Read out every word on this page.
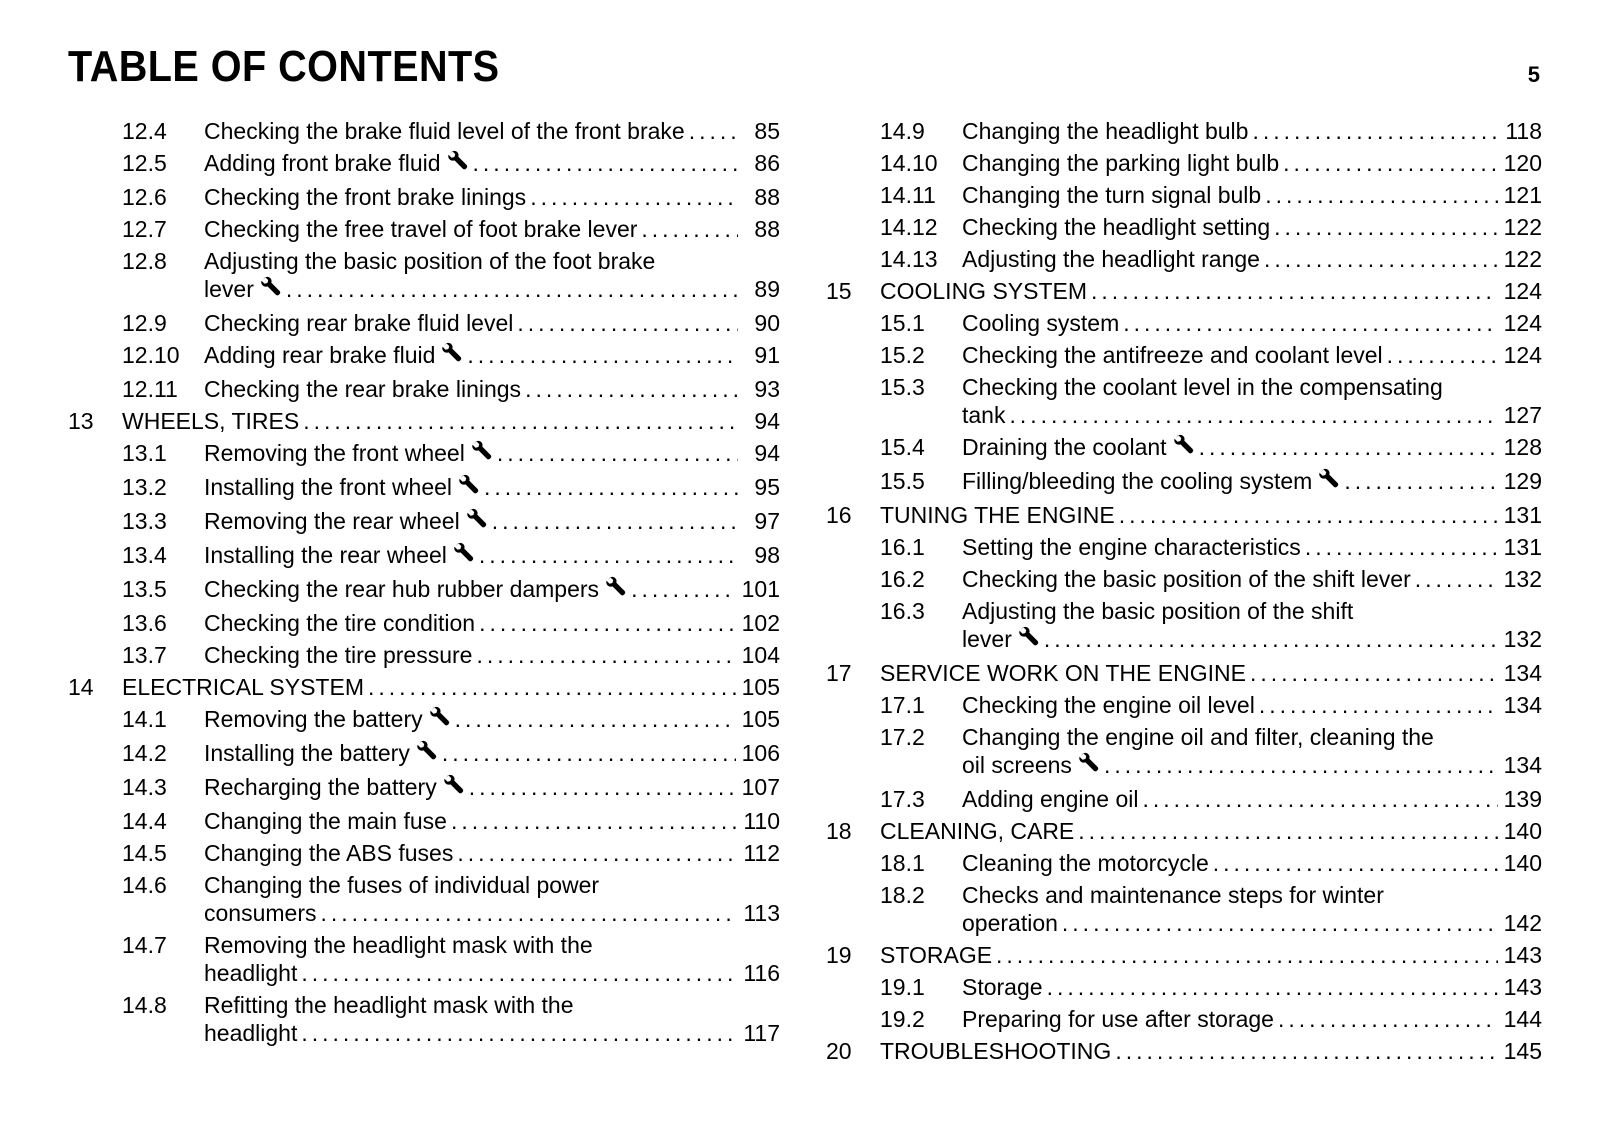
TABLE OF CONTENTS	5
12.4 Checking the brake fluid level of the front brake . . .	85
12.5 Adding front brake fluid . . .	86
12.6 Checking the front brake linings . . .	88
12.7 Checking the free travel of foot brake lever . . .	88
12.8 Adjusting the basic position of the foot brake
lever . . .	89
12.9 Checking rear brake fluid level . . .	90
12.10 Adding rear brake fluid . . .	91
12.11 Checking the rear brake linings . . .	93
13 WHEELS, TIRES . . .	94
13.1 Removing the front wheel . . .	94
13.2 Installing the front wheel . . .	95
13.3 Removing the rear wheel . . .	97
13.4 Installing the rear wheel . . .	98
13.5 Checking the rear hub rubber dampers . . .	101
13.6 Checking the tire condition . . .	102
13.7 Checking the tire pressure . . .	104
14 ELECTRICAL SYSTEM . . .	105
14.1 Removing the battery . . .	105
14.2 Installing the battery . . .	106
14.3 Recharging the battery . . .	107
14.4 Changing the main fuse . . .	110
14.5 Changing the ABS fuses . . .	112
14.6 Changing the fuses of individual power
consumers . . .	113
14.7 Removing the headlight mask with the
headlight . . .	116
14.8 Refitting the headlight mask with the
headlight . . .	117
14.9 Changing the headlight bulb . . .	118
14.10 Changing the parking light bulb . . .	120
14.11 Changing the turn signal bulb . . .	121
14.12 Checking the headlight setting . . .	122
14.13 Adjusting the headlight range . . .	122
15 COOLING SYSTEM . . .	124
15.1 Cooling system . . .	124
15.2 Checking the antifreeze and coolant level . . .	124
15.3 Checking the coolant level in the compensating
tank . . .	127
15.4 Draining the coolant . . .	128
15.5 Filling/bleeding the cooling system . . .	129
16 TUNING THE ENGINE . . .	131
16.1 Setting the engine characteristics . . .	131
16.2 Checking the basic position of the shift lever . . .	132
16.3 Adjusting the basic position of the shift
lever . . .	132
17 SERVICE WORK ON THE ENGINE . . .	134
17.1 Checking the engine oil level . . .	134
17.2 Changing the engine oil and filter, cleaning the
oil screens . . .	134
17.3 Adding engine oil . . .	139
18 CLEANING, CARE . . .	140
18.1 Cleaning the motorcycle . . .	140
18.2 Checks and maintenance steps for winter
operation . . .	142
19 STORAGE . . .	143
19.1 Storage . . .	143
19.2 Preparing for use after storage . . .	144
20 TROUBLESHOOTING . . .	145
